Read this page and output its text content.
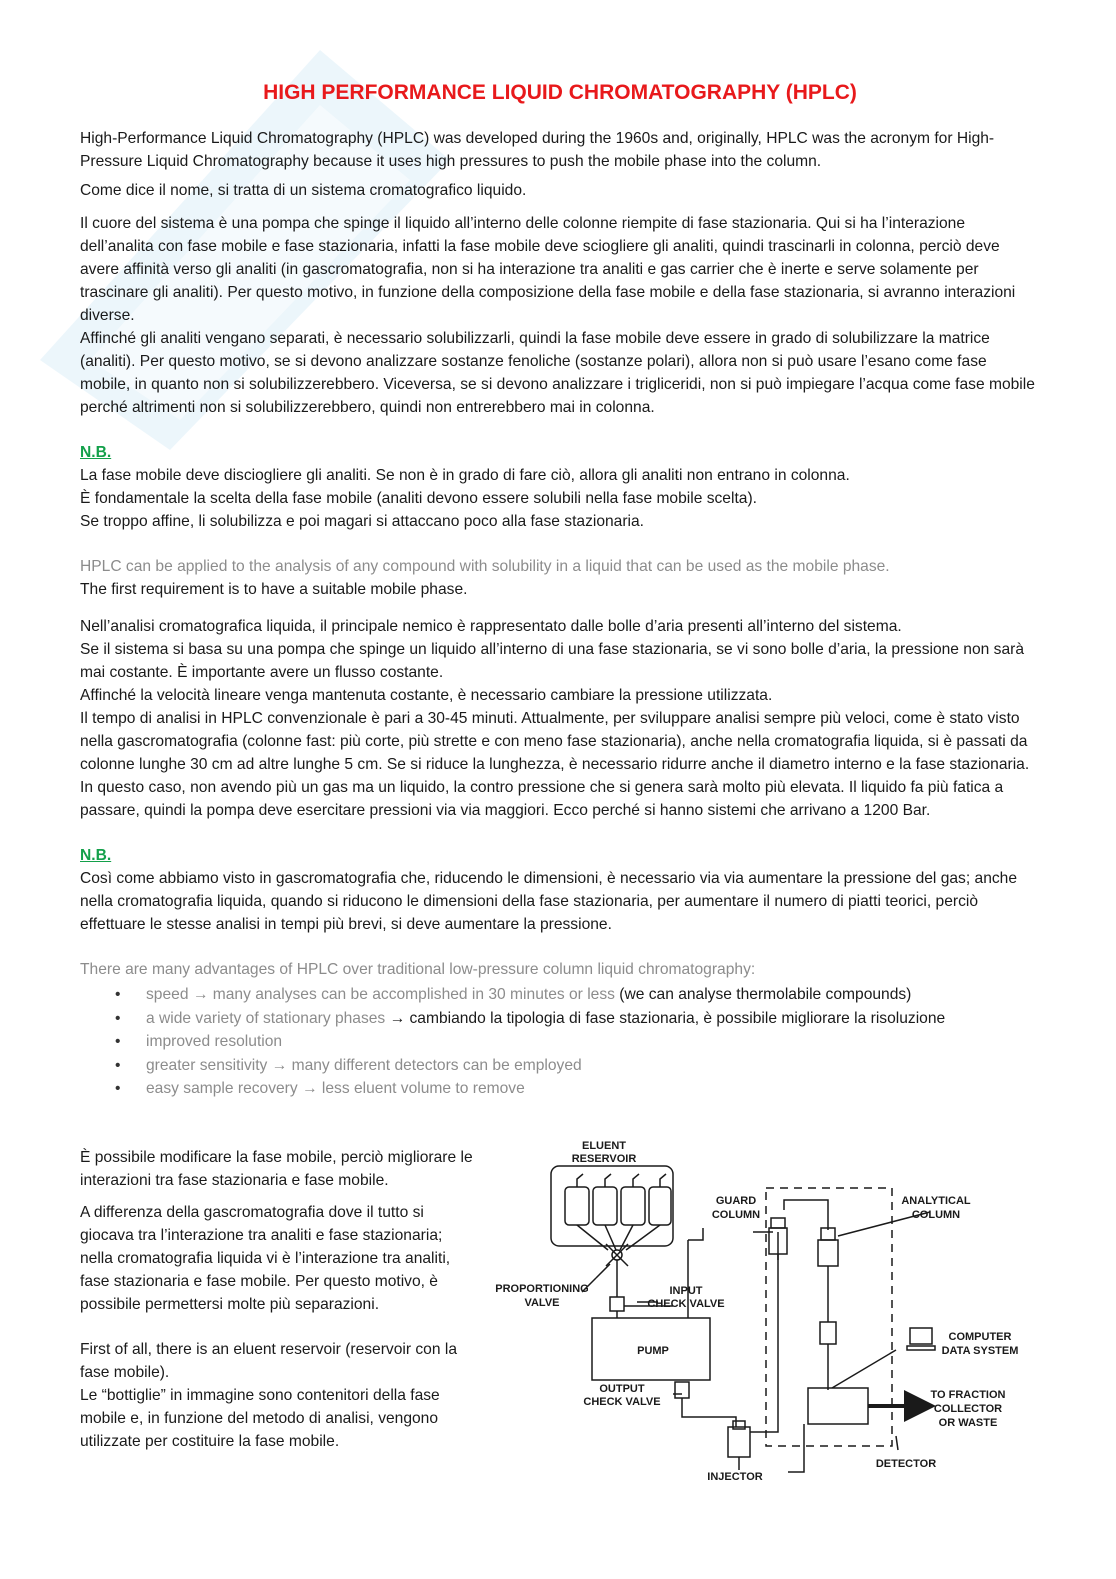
HIGH PERFORMANCE LIQUID CHROMATOGRAPHY (HPLC)

High-Performance Liquid Chromatography (HPLC) was developed during the 1960s and, originally, HPLC was the acronym for High-Pressure Liquid Chromatography because it uses high pressures to push the mobile phase into the column.

Come dice il nome, si tratta di un sistema cromatografico liquido.

Il cuore del sistema è una pompa che spinge il liquido all’interno delle colonne riempite di fase stazionaria. Qui si ha l’interazione dell’analita con fase mobile e fase stazionaria, infatti la fase mobile deve sciogliere gli analiti, quindi trascinarli in colonna, perciò deve avere affinità verso gli analiti (in gascromatografia, non si ha interazione tra analiti e gas carrier che è inerte e serve solamente per trascinare gli analiti). Per questo motivo, in funzione della composizione della fase mobile e della fase stazionaria, si avranno interazioni diverse.
Affinché gli analiti vengano separati, è necessario solubilizzarli, quindi la fase mobile deve essere in grado di solubilizzare la matrice (analiti). Per questo motivo, se si devono analizzare sostanze fenoliche (sostanze polari), allora non si può usare l’esano come fase mobile, in quanto non si solubilizzerebbero. Viceversa, se si devono analizzare i trigliceridi, non si può impiegare l’acqua come fase mobile perché altrimenti non si solubilizzerebbero, quindi non entrerebbero mai in colonna.

N.B.
La fase mobile deve disciogliere gli analiti. Se non è in grado di fare ciò, allora gli analiti non entrano in colonna.
È fondamentale la scelta della fase mobile (analiti devono essere solubili nella fase mobile scelta).
Se troppo affine, li solubilizza e poi magari si attaccano poco alla fase stazionaria.

HPLC can be applied to the analysis of any compound with solubility in a liquid that can be used as the mobile phase.
The first requirement is to have a suitable mobile phase.

Nell’analisi cromatografica liquida, il principale nemico è rappresentato dalle bolle d’aria presenti all’interno del sistema.
Se il sistema si basa su una pompa che spinge un liquido all’interno di una fase stazionaria, se vi sono bolle d’aria, la pressione non sarà mai costante. È importante avere un flusso costante.
Affinché la velocità lineare venga mantenuta costante, è necessario cambiare la pressione utilizzata.
Il tempo di analisi in HPLC convenzionale è pari a 30-45 minuti. Attualmente, per sviluppare analisi sempre più veloci, come è stato visto nella gascromatografia (colonne fast: più corte, più strette e con meno fase stazionaria), anche nella cromatografia liquida, si è passati da colonne lunghe 30 cm ad altre lunghe 5 cm. Se si riduce la lunghezza, è necessario ridurre anche il diametro interno e la fase stazionaria. In questo caso, non avendo più un gas ma un liquido, la contro pressione che si genera sarà molto più elevata. Il liquido fa più fatica a passare, quindi la pompa deve esercitare pressioni via via maggiori. Ecco perché si hanno sistemi che arrivano a 1200 Bar.

N.B.
Così come abbiamo visto in gascromatografia che, riducendo le dimensioni, è necessario via via aumentare la pressione del gas; anche nella cromatografia liquida, quando si riducono le dimensioni della fase stazionaria, per aumentare il numero di piatti teorici, perciò effettuare le stesse analisi in tempi più brevi, si deve aumentare la pressione.

There are many advantages of HPLC over traditional low-pressure column liquid chromatography:

• speed → many analyses can be accomplished in 30 minutes or less (we can analyse thermolabile compounds)
• a wide variety of stationary phases → cambiando la tipologia di fase stazionaria, è possibile migliorare la risoluzione
• improved resolution
• greater sensitivity → many different detectors can be employed
• easy sample recovery → less eluent volume to remove

È possibile modificare la fase mobile, perciò migliorare le interazioni tra fase stazionaria e fase mobile.

A differenza della gascromatografia dove il tutto si giocava tra l’interazione tra analiti e fase stazionaria; nella cromatografia liquida vi è l’interazione tra analiti, fase stazionaria e fase mobile. Per questo motivo, è possibile permettersi molte più separazioni.

First of all, there is an eluent reservoir (reservoir con la fase mobile).
Le “bottiglie” in immagine sono contenitori della fase mobile e, in funzione del metodo di analisi, vengono utilizzate per costituire la fase mobile.

ELUENT
RESERVOIR
GUARD
COLUMN
ANALYTICAL
COLUMN
PROPORTIONING
VALVE
INPUT
CHECK VALVE
PUMP
COMPUTER
DATA SYSTEM
OUTPUT
CHECK VALVE
TO FRACTION
COLLECTOR
OR WASTE
DETECTOR
INJECTOR
